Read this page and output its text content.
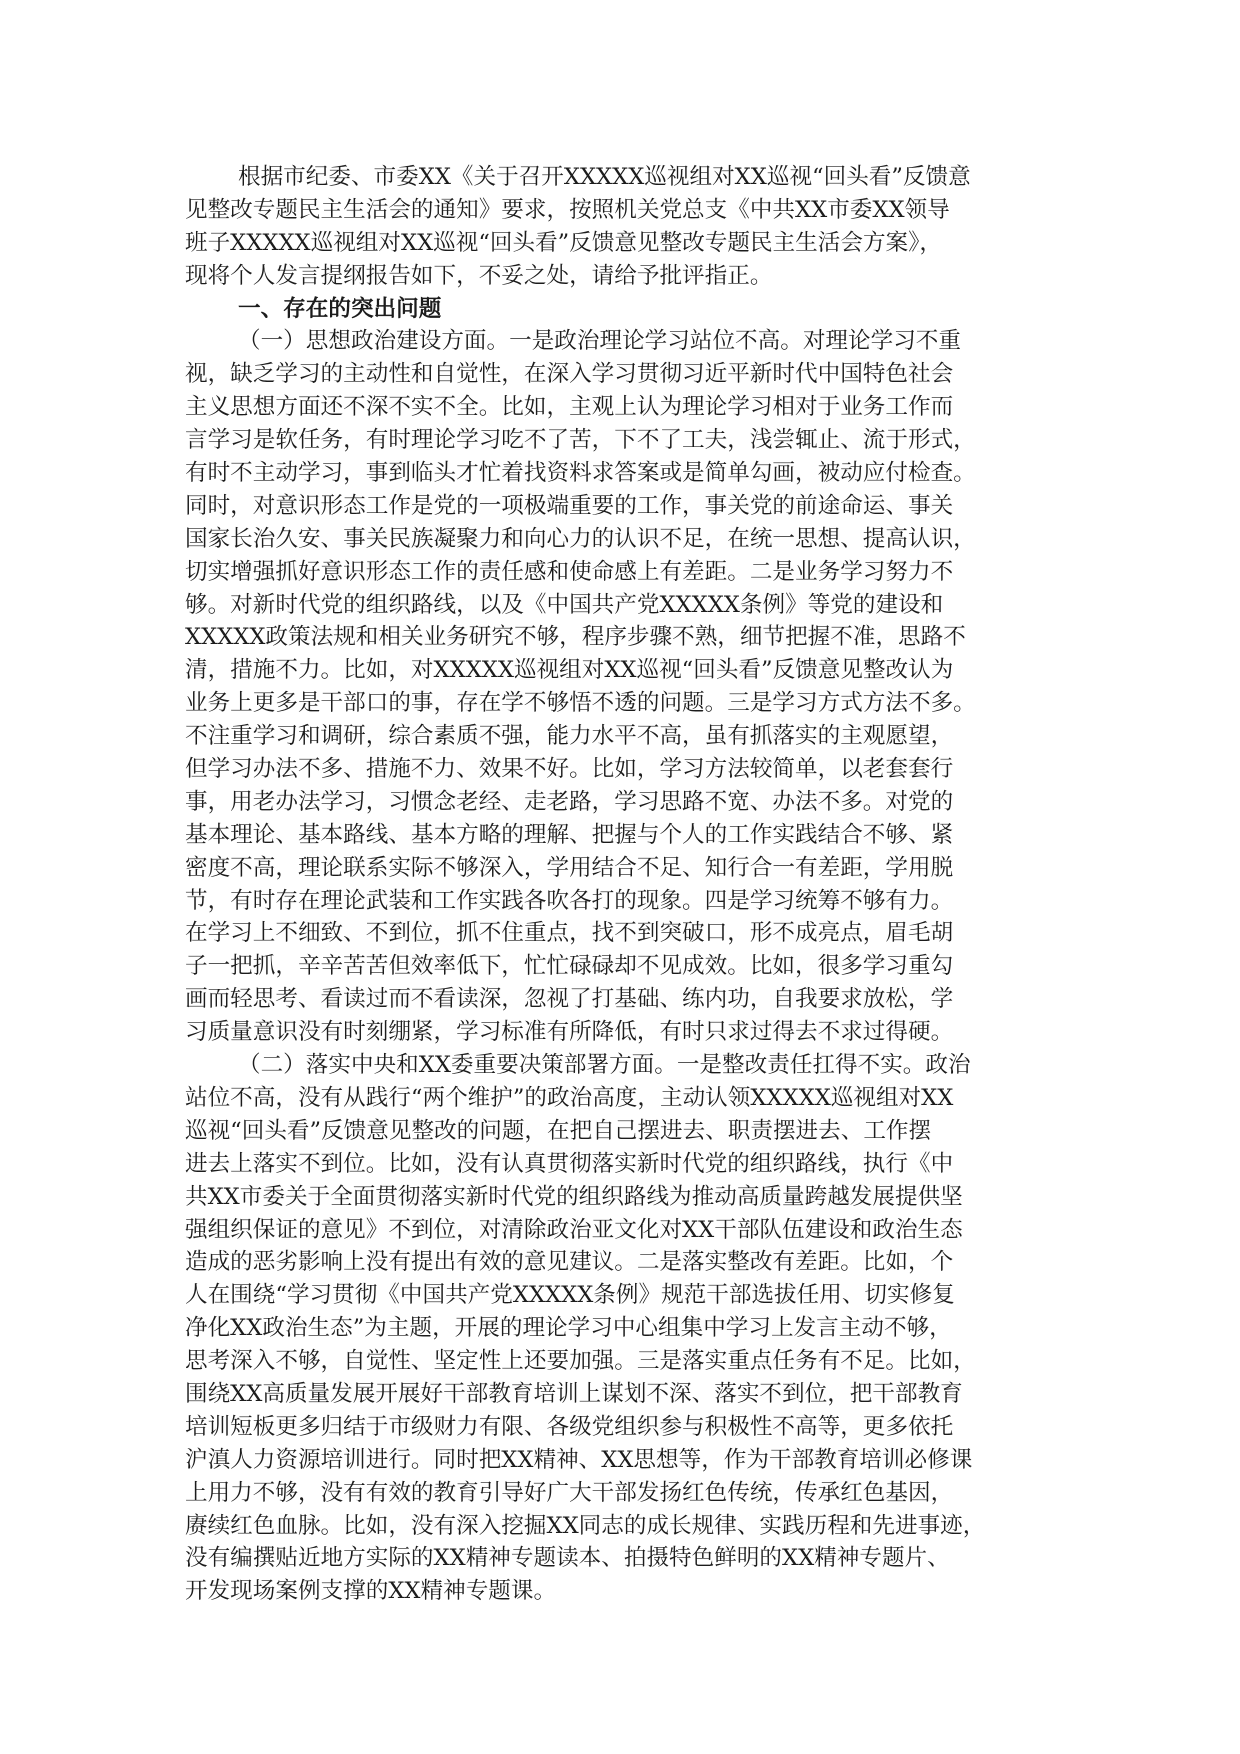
根据市纪委、市委XX《关于召开XXXXX巡视组对XX巡视“回头看”反馈意
见整改专题民主生活会的通知》要求，按照机关党总支《中共XX市委XX领导
班子XXXXX巡视组对XX巡视“回头看”反馈意见整改专题民主生活会方案》，
现将个人发言提纲报告如下，不妥之处，请给予批评指正。
一、存在的突出问题
（一）思想政治建设方面。一是政治理论学习站位不高。对理论学习不重
视，缺乏学习的主动性和自觉性，在深入学习贯彻习近平新时代中国特色社会
主义思想方面还不深不实不全。比如，主观上认为理论学习相对于业务工作而
言学习是软任务，有时理论学习吃不了苦，下不了工夫，浅尝辄止、流于形式，
有时不主动学习，事到临头才忙着找资料求答案或是简单勾画，被动应付检查。
同时，对意识形态工作是党的一项极端重要的工作，事关党的前途命运、事关
国家长治久安、事关民族凝聚力和向心力的认识不足，在统一思想、提高认识，
切实增强抓好意识形态工作的责任感和使命感上有差距。二是业务学习努力不
够。对新时代党的组织路线，以及《中国共产党XXXXX条例》等党的建设和
XXXXX政策法规和相关业务研究不够，程序步骤不熟，细节把握不准，思路不
清，措施不力。比如，对XXXXX巡视组对XX巡视“回头看”反馈意见整改认为
业务上更多是干部口的事，存在学不够悟不透的问题。三是学习方式方法不多。
不注重学习和调研，综合素质不强，能力水平不高，虽有抓落实的主观愿望，
但学习办法不多、措施不力、效果不好。比如，学习方法较简单，以老套套行
事，用老办法学习，习惯念老经、走老路，学习思路不宽、办法不多。对党的
基本理论、基本路线、基本方略的理解、把握与个人的工作实践结合不够、紧
密度不高，理论联系实际不够深入，学用结合不足、知行合一有差距，学用脱
节，有时存在理论武装和工作实践各吹各打的现象。四是学习统筹不够有力。
在学习上不细致、不到位，抓不住重点，找不到突破口，形不成亮点，眉毛胡
子一把抓，辛辛苦苦但效率低下，忙忙碌碌却不见成效。比如，很多学习重勾
画而轻思考、看读过而不看读深，忽视了打基础、练内功，自我要求放松，学
习质量意识没有时刻绷紧，学习标准有所降低，有时只求过得去不求过得硬。
（二）落实中央和XX委重要决策部署方面。一是整改责任扛得不实。政治
站位不高，没有从践行“两个维护”的政治高度，主动认领XXXXX巡视组对XX
巡视“回头看”反馈意见整改的问题，在把自己摆进去、职责摆进去、工作摆
进去上落实不到位。比如，没有认真贯彻落实新时代党的组织路线，执行《中
共XX市委关于全面贯彻落实新时代党的组织路线为推动高质量跨越发展提供坚
强组织保证的意见》不到位，对清除政治亚文化对XX干部队伍建设和政治生态
造成的恶劣影响上没有提出有效的意见建议。二是落实整改有差距。比如，个
人在围绕“学习贯彻《中国共产党XXXXX条例》规范干部选拔任用、切实修复
净化XX政治生态”为主题，开展的理论学习中心组集中学习上发言主动不够，
思考深入不够，自觉性、坚定性上还要加强。三是落实重点任务有不足。比如，
围绕XX高质量发展开展好干部教育培训上谋划不深、落实不到位，把干部教育
培训短板更多归结于市级财力有限、各级党组织参与积极性不高等，更多依托
沪滇人力资源培训进行。同时把XX精神、XX思想等，作为干部教育培训必修课
上用力不够，没有有效的教育引导好广大干部发扬红色传统，传承红色基因，
赓续红色血脉。比如，没有深入挖掘XX同志的成长规律、实践历程和先进事迹，
没有编撰贴近地方实际的XX精神专题读本、拍摄特色鲜明的XX精神专题片、
开发现场案例支撑的XX精神专题课。
